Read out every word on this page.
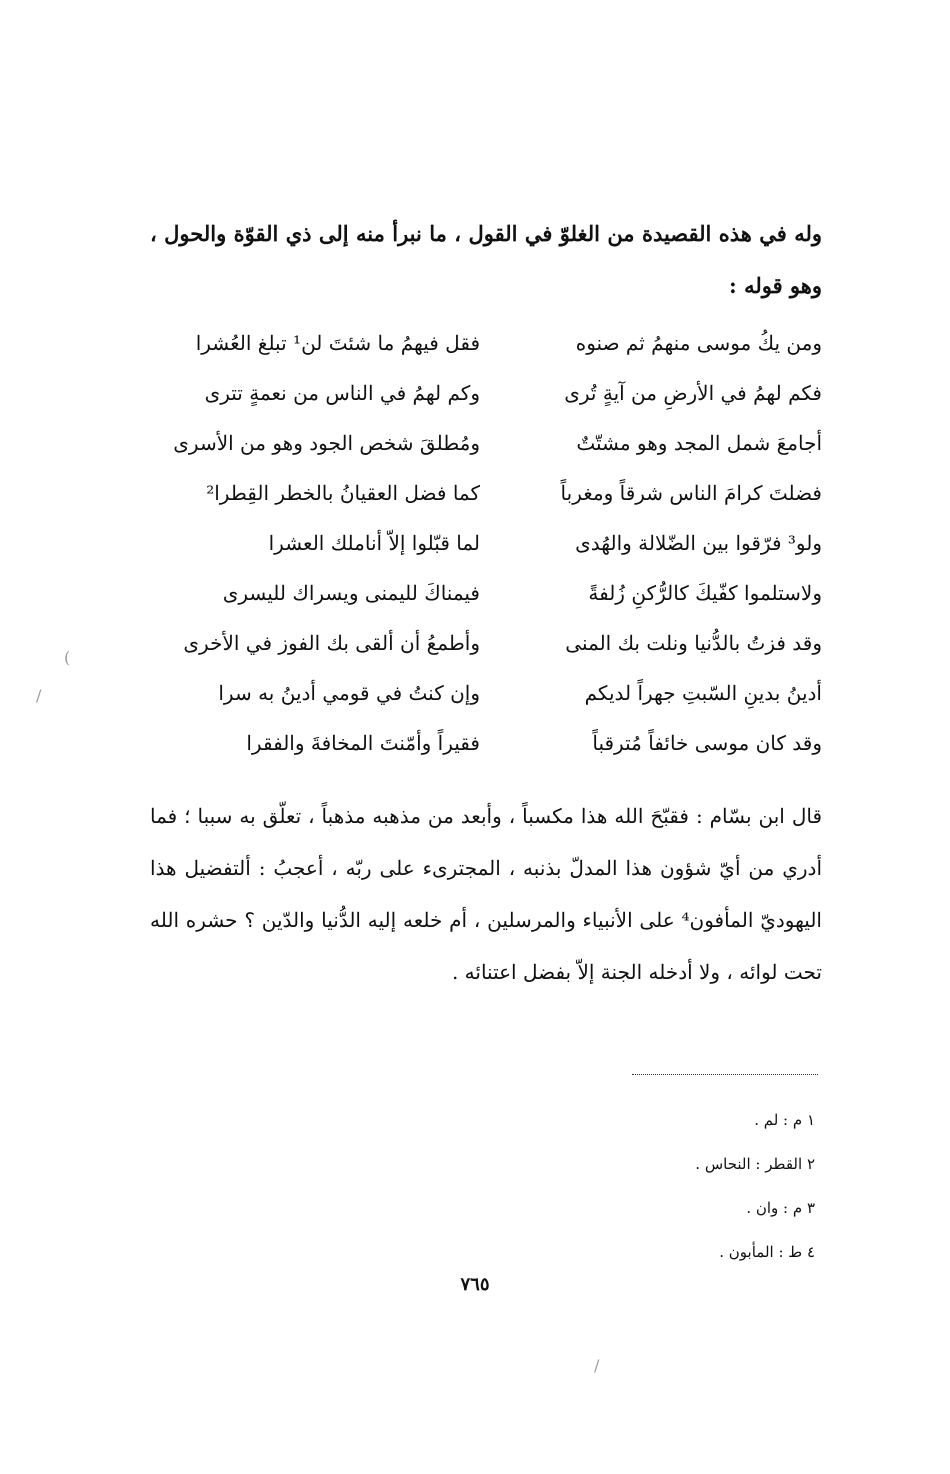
وله في هذه القصيدة من الغلوّ في القول ، ما نبرأ منه إلى ذي القوّة والحول ، وهو قوله :

ومن يكُ موسى منهمُ ثم صنوه
فقل فيهمُ ما شئتَ لن¹ تبلغ العُشرا
فكم لهمُ في الأرضِ من آيةٍ تُرى
وكم لهمُ في الناس من نعمةٍ تترى
أجامعَ شمل المجد وهو مشتّتٌ
ومُطلقَ شخص الجود وهو من الأسرى
فضلتَ كرامَ الناس شرقاً ومغرباً
كما فضل العقيانُ بالخطر القِطرا²
ولو³ فرّقوا بين الضّلالة والهُدى
لما قبّلوا إلاّ أناملك العشرا
ولاستلموا كفّيكَ كالرُّكنِ زُلفةً
فيمناكَ لليمنى ويسراك لليسرى
وقد فزتُ بالدُّنيا ونلت بك المنى
وأطمعُ أن ألقى بك الفوز في الأخرى
أدينُ بدينِ السّبتِ جهراً لديكم
وإن كنتُ في قومي أدينُ به سرا
وقد كان موسى خائفاً مُترقباً
فقيراً وأمّنتَ المخافةَ والفقرا

قال ابن بسّام : فقبّحَ الله هذا مكسباً ، وأبعد من مذهبه مذهباً ، تعلّق به سببا ؛ فما أدري من أيّ شؤون هذا المدلّ بذنبه ، المجترىء على ربّه ، أعجبُ : ألتفضيل هذا اليهوديّ المأفون⁴ على الأنبياء والمرسلين ، أم خلعه إليه الدُّنيا والدّين ؟ حشره الله تحت لوائه ، ولا أدخله الجنة إلاّ بفضل اعتنائه .

١ م : لم .
٢ القطر : النحاس .
٣ م : وان .
٤ ط : المأبون .
٧٦٥
(
/
/
